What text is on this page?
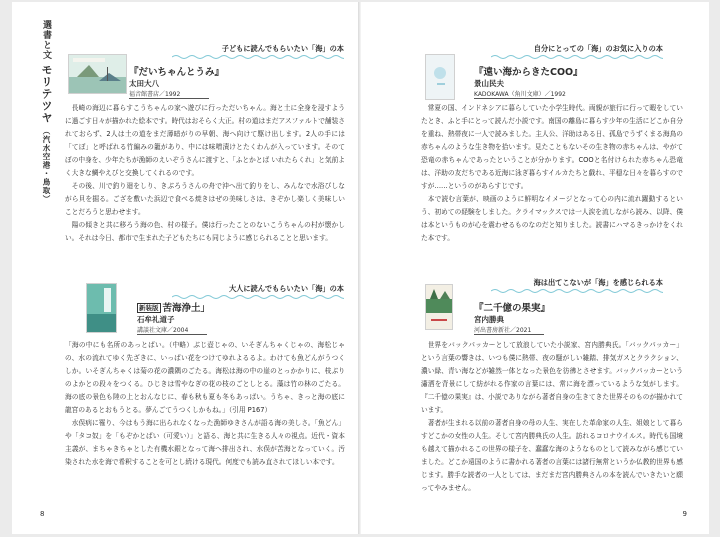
選書と文モリテツヤ（汽水空港・鳥取）
子どもに読んでもらいたい「海」の本
『だいちゃんとうみ』
太田大八
福音館書店／1992

長崎の海辺に暮らすこうちゃんの家へ遊びに行っただいちゃん。海と土に全身を浸すように過ごす日々が描かれた絵本です。時代はおそらく大正。村の道はまだアスファルトで舗装されておらず、2人は土の道をまだ薄暗がりの早朝、海へ向けて駆け出します。2人の手には「てぼ」と呼ばれる竹編みの籠があり、中には味噌漬けとたくわんが入っています。そのてぼの中身を、少年たちが漁師のえいぞうさんに渡すと、「ふとかとば いれたらくれ」と気前よく大きな鯛やえびと交換してくれるのです。

その後、川で釣り廻をしり、きぶろうさんの舟で沖へ出て釣りをし、みんなで水浴びしながら貝を掘る。ござを敷いた浜辺で食べる焼きはぜの美味しさは、きぞかし楽しく美味しいことだろうと思わせます。

陽の傾きと共に移ろう海の色、村の様子。僕は行ったことのないこうちゃんの村が懐かしい。それは今日、都市で生まれた子どもたちにも同じように感じられることと思います。

大人に読んでもらいたい「海」の本
新装版 苦海浄土」
石牟礼道子
講談社文庫／2004

「海の中にも名所のあっとばい。（中略）ぶじ壺じゃの、いそぎんちゃくじゃの、海松じゃの、水の流れてゆく先ざきに、いっぱい花をつけてゆれよるるよ。わけても魚どんがうつくしか。いそぎんちゃくは菊の花の濃隅のごたる。海松は海の中の崖のとっかかりに、枝ぶりのよかとの段々をつくる。ひじきは雪やなぎの花の枝のごとしとる。藻は竹の林のごたる。海の底の景色も陸の上とおんなじに、春も秋も夏も冬もあっばい。うちゃ、きっと海の底に龍宮のあるとおもうとる。夢んごてうつくしかもね。」（引用 P167）

水俣病に罹り、今はもう海に出られなくなった漁師ゆきさんが語る海の美しさ。「魚どん」や「タコ奴」を「もぞかとばい（可愛い）」と語る、海と共に生きる人々の視点。近代・資本主義が、まちゃきちゃとした有機水銀となって海へ排出され、水俣が苦海となっていく。汚染された水を海で希釈することを可とし続ける現代。何度でも読み直されてほしい本です。

8
自分にとっての「海」のお気に入りの本
『遠い海からきたCOO』
景山民夫
KADOKAWA（角川文庫）／1992

常夏の国、インドネシアに暮らしていた小学生時代。両親が旅行に行って暇をしていたとき、ふと手にとって読んだ小説です。南国の離島に暮らす少年の生活にどこか自分を重ね、熱帯夜に一人で読みました。主人公、洋助はある日、孤島でうずくまる海鳥の赤ちゃんのような生き物を拾います。見たこともないその生き物の赤ちゃんは、やがて恐竜の赤ちゃんであったということが分かります。COOと名付けられた赤ちゃん恐竜は、洋助の友だちである近海に泳ぎ暮らすイルカたちと戯れ、平穏な日々を暮らすのですが……というのがあらすじです。

本で読む言葉が、映画のように鮮明なイメージとなって心の内に流れ躍動するという、初めての経験をしました。クライマックスでは一人涙を流しながら読み、以降、僕は本というものが心を震わせるものなのだと知りました。読書にハマるきっかけをくれた本です。

海は出てこないが「海」を感じられる本
『二千億の果実』
宮内勝典
河出書房新社／2021

世界をバックパッカーとして放浪していた小説家、宮内勝典氏。「バックパッカー」という言葉の響きは、いつも僕に熱帯、夜の騒がしい雑踏、排気ガスとクラクション、濃い緑、青い海などが雑然一体となった景色を彷彿とさせます。バックパッカーという瀟洒を背景にして紡がれる作家の言葉には、常に海を漂っているような気がします。『二千億の果実』は、小説でありながら著者自身の生きてきた世界そのものが描かれています。

著者が生まれる以前の著者自身の母の人生、実在した革命家の人生、姐娘として暮らすどこかの女性の人生。そして宮内勝典氏の人生。訪れるコロナウイルス。時代も国境も越えて描かれるこの世界の様子を、蠢蠢な海のようなものとして読みながら感じていました。どこか遠国のように書かれる著者の言葉には諸行無常というか仏教的世界も感じます。勝手な読者の一人としては、まだまだ宮内勝典さんの本を読んでいきたいと願ってやみません。

9
